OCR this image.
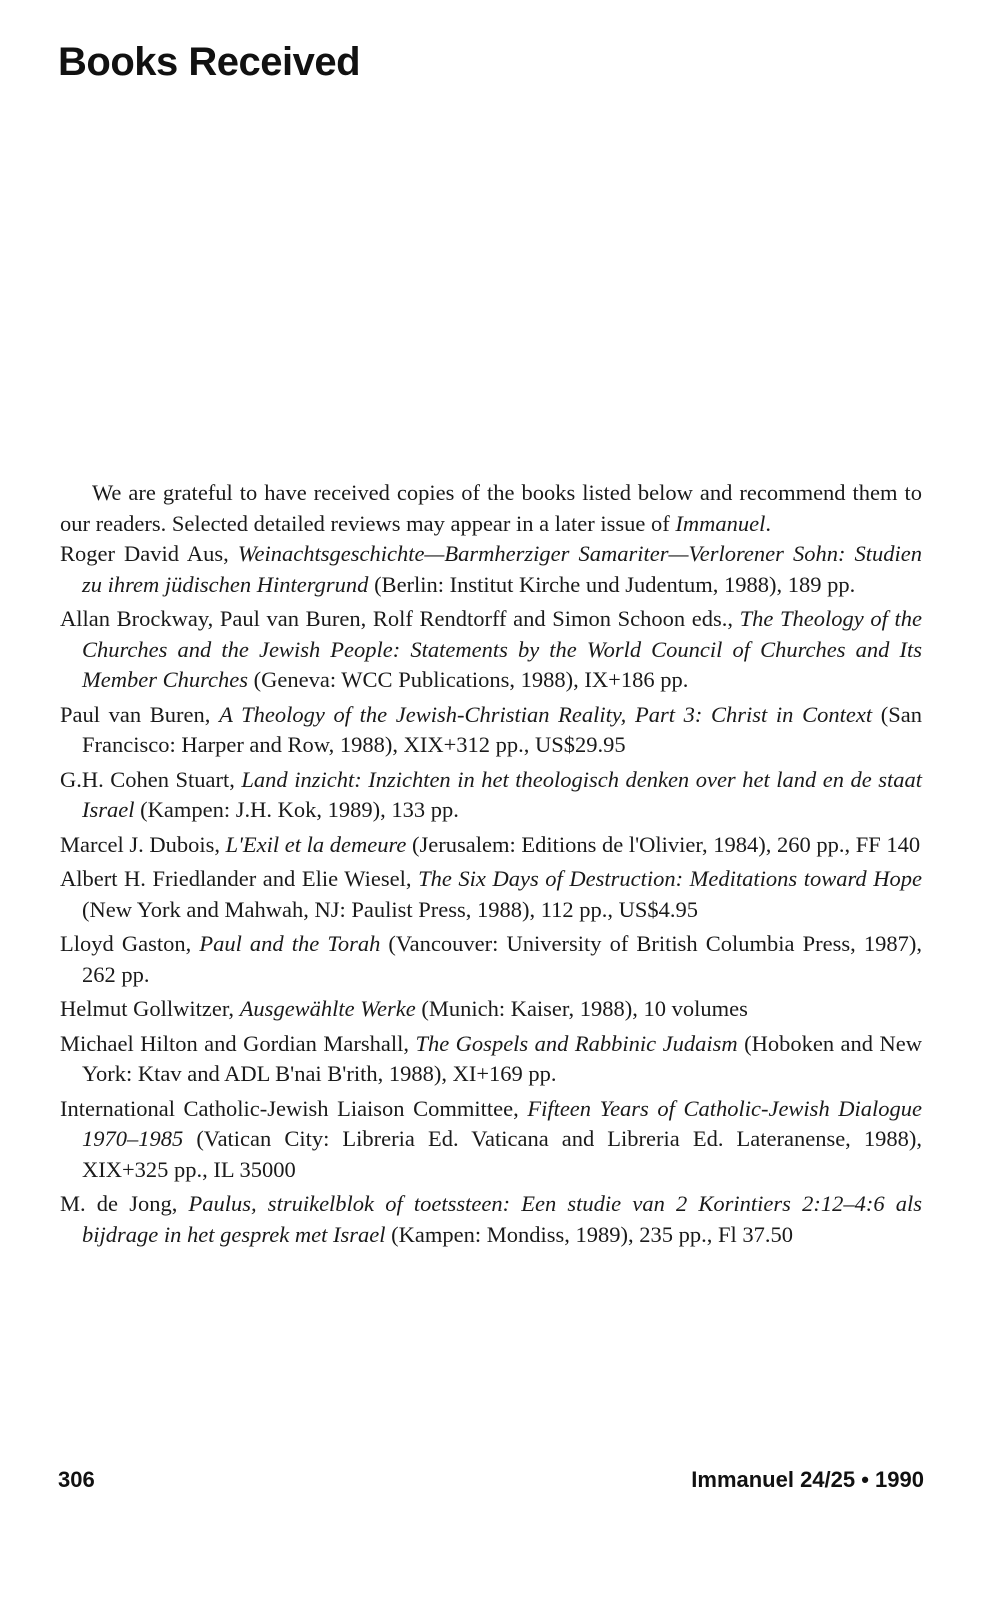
Books Received

We are grateful to have received copies of the books listed below and recommend them to our readers. Selected detailed reviews may appear in a later issue of Immanuel.

Roger David Aus, Weinachtsgeschichte—Barmherziger Samariter—Verlorener Sohn: Studien zu ihrem jüdischen Hintergrund (Berlin: Institut Kirche und Judentum, 1988), 189 pp.
Allan Brockway, Paul van Buren, Rolf Rendtorff and Simon Schoon eds., The Theology of the Churches and the Jewish People: Statements by the World Council of Churches and Its Member Churches (Geneva: WCC Publications, 1988), IX+186 pp.
Paul van Buren, A Theology of the Jewish-Christian Reality, Part 3: Christ in Context (San Francisco: Harper and Row, 1988), XIX+312 pp., US$29.95
G.H. Cohen Stuart, Land inzicht: Inzichten in het theologisch denken over het land en de staat Israel (Kampen: J.H. Kok, 1989), 133 pp.
Marcel J. Dubois, L'Exil et la demeure (Jerusalem: Editions de l'Olivier, 1984), 260 pp., FF 140
Albert H. Friedlander and Elie Wiesel, The Six Days of Destruction: Meditations toward Hope (New York and Mahwah, NJ: Paulist Press, 1988), 112 pp., US$4.95
Lloyd Gaston, Paul and the Torah (Vancouver: University of British Columbia Press, 1987), 262 pp.
Helmut Gollwitzer, Ausgewählte Werke (Munich: Kaiser, 1988), 10 volumes
Michael Hilton and Gordian Marshall, The Gospels and Rabbinic Judaism (Hoboken and New York: Ktav and ADL B'nai B'rith, 1988), XI+169 pp.
International Catholic-Jewish Liaison Committee, Fifteen Years of Catholic-Jewish Dialogue 1970–1985 (Vatican City: Libreria Ed. Vaticana and Libreria Ed. Lateranense, 1988), XIX+325 pp., IL 35000
M. de Jong, Paulus, struikelblok of toetssteen: Een studie van 2 Korintiers 2:12–4:6 als bijdrage in het gesprek met Israel (Kampen: Mondiss, 1989), 235 pp., Fl 37.50

306	Immanuel 24/25 • 1990
